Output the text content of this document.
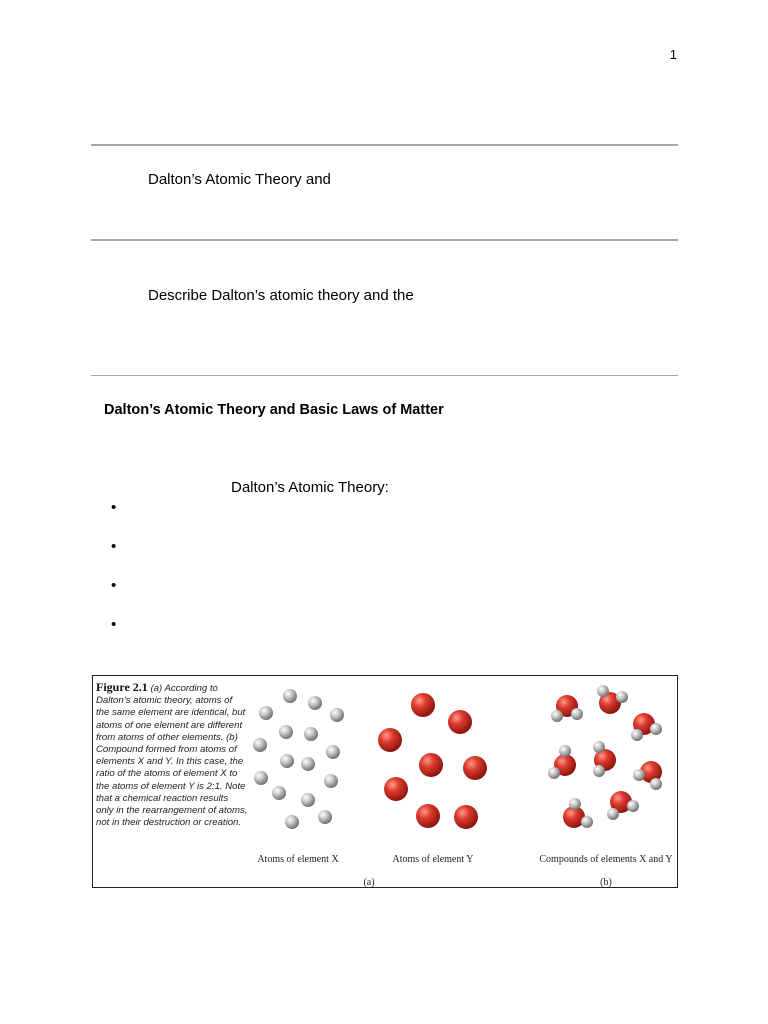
1
Dalton’s Atomic Theory and
Describe Dalton’s atomic theory and the
Dalton’s Atomic Theory and Basic Laws of Matter
Dalton’s Atomic Theory:
•
•
•
•
Figure 2.1 (a) According to Dalton’s atomic theory, atoms of the same element are identical, but atoms of one element are different from atoms of other elements. (b) Compound formed from atoms of elements X and Y. In this case, the ratio of the atoms of element X to the atoms of element Y is 2:1. Note that a chemical reaction results only in the rearrangement of atoms, not in their destruction or creation.
Atoms of element X	Atoms of element Y	Compounds of elements X and Y
(a)	(b)
